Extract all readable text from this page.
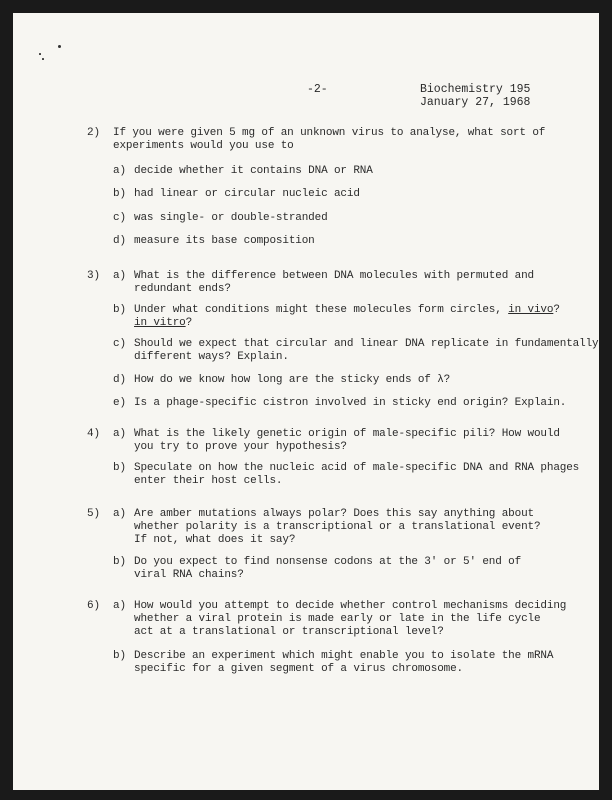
-2-	Biochemistry 195
January 27, 1968
2) If you were given 5 mg of an unknown virus to analyse, what sort of
experiments would you use to
a) decide whether it contains DNA or RNA
b) had linear or circular nucleic acid
c) was single- or double-stranded
d) measure its base composition
3) a) What is the difference between DNA molecules with permuted and
redundant ends?
b) Under what conditions might these molecules form circles, in vivo?
in vitro?
c) Should we expect that circular and linear DNA replicate in fundamentally
different ways? Explain.
d) How do we know how long are the sticky ends of λ?
e) Is a phage-specific cistron involved in sticky end origin? Explain.
4) a) What is the likely genetic origin of male-specific pili? How would
you try to prove your hypothesis?
b) Speculate on how the nucleic acid of male-specific DNA and RNA phages
enter their host cells.
5) a) Are amber mutations always polar? Does this say anything about
whether polarity is a transcriptional or a translational event?
If not, what does it say?
b) Do you expect to find nonsense codons at the 3' or 5' end of
viral RNA chains?
6) a) How would you attempt to decide whether control mechanisms deciding
whether a viral protein is made early or late in the life cycle
act at a translational or transcriptional level?
b) Describe an experiment which might enable you to isolate the mRNA
specific for a given segment of a virus chromosome.
